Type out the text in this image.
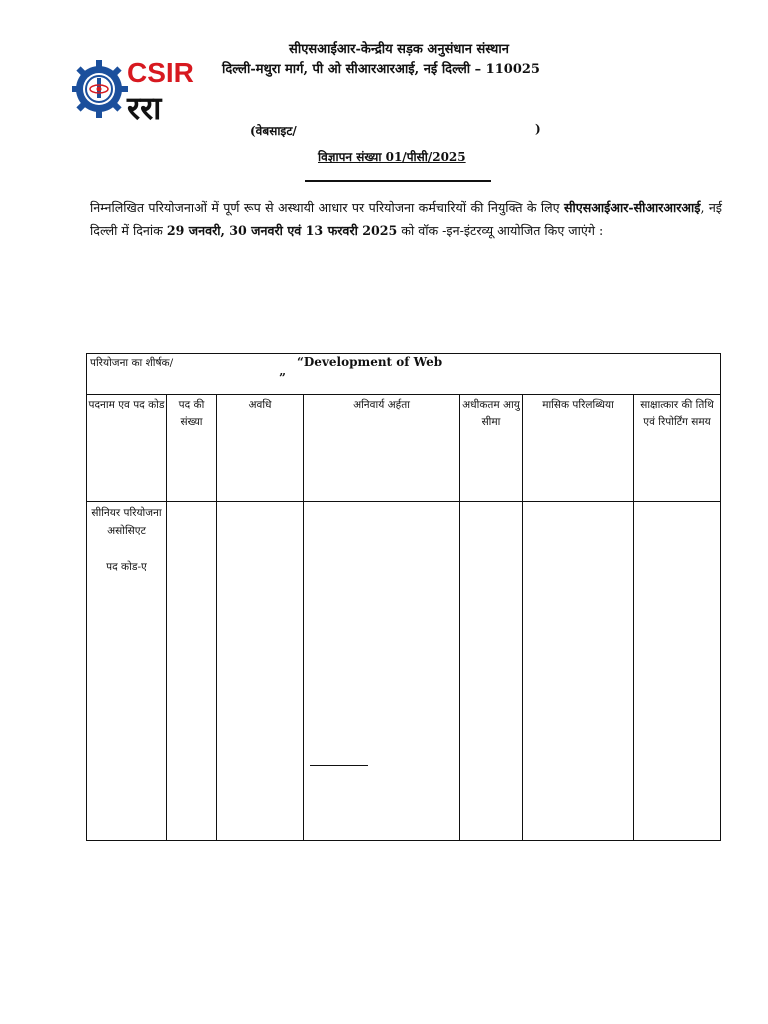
CSIR
ररा
सीएसआईआर-केन्द्रीय सड़क अनुसंधान संस्थान
दिल्ली-मथुरा मार्ग, पी ओ सीआरआरआई, नई दिल्ली – 110025
(वेबसाइट/	)
विज्ञापन संख्या 01/पीसी/2025
निम्नलिखित परियोजनाओं में पूर्ण रूप से अस्थायी आधार पर परियोजना कर्मचारियों की नियुक्ति के लिए सीएसआईआर-सीआरआरआई, नई दिल्ली में दिनांक 29 जनवरी, 30 जनवरी एवं 13 फरवरी 2025 को वॉक -इन-इंटरव्यू आयोजित किए जाएंगे :
परियोजना का शीर्षक/ “Development of Web
”						

पदनाम एव पद कोड	पद की संख्या	अवधि	अनिवार्य अर्हता	अधीकतम आयु सीमा	मासिक परिलब्धिया	साक्षात्कार की तिथि एवं रिपोर्टिंग समय
सीनियर परियोजना असोसिएट
पद कोड-ए						
